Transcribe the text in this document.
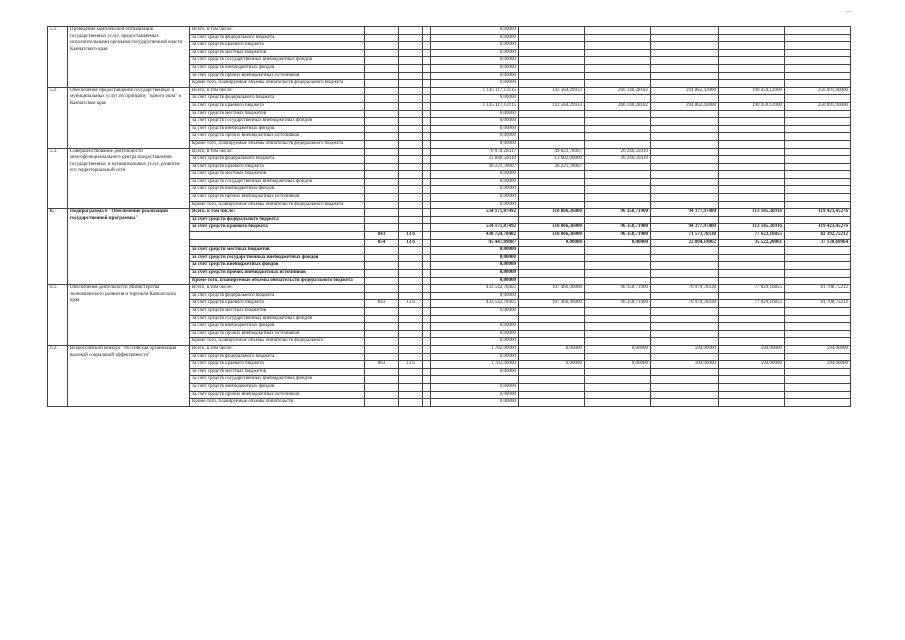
—
5.1.	Проведение комплексной оптимизации государственных услуг, предоставляемых исполнительными органами государственной власти Камчатского края	Всего, в том числе:				0,00000					
		за счет средств федерального бюджета				0,00000					
		за счет средств краевого бюджета				0,00000					
		за счет средств местных бюджетов				0,00000					
		за счет средств государственных внебюджетных фондов				0,00000					
		за счет средств внебюджетных фондов				0,00000					
		за счет средств прочих внебюджетных источников				0,00000					
		Кроме того, планируемые объемы обязательств федерального бюджета				0,00000					
5.2.	Обеспечение предоставления государственных и муниципальных услуг по принципу "одного окна" в Камчатском крае	Всего, в том числе:				1 145 117,13115	143 564,29933	266 140,28182	294 862,43000	190 459,12000	250 091,00000
		за счет средств федерального бюджета				0,00000					
		за счет средств краевого бюджета				1 145 117,13115	143 564,29933	266 140,28182	294 862,43000	190 459,12000	250 091,00000
		за счет средств местных бюджетов				0,00000					
		за счет средств государственных внебюджетных фондов				0,00000					
		за счет средств внебюджетных фондов				0,00000					
		за счет средств прочих внебюджетных источников				0,00000					
		Кроме того, планируемые объемы обязательств федерального бюджета				0,00000					
5.3.	Совершенствование деятельности многофункционального центра предоставления государственных и муниципальных услуг, развитие его территориальной сети	Всего, в том числе:				70 070,28417	49 823,78007	20 246,50410			
		за счет средств федерального бюджета				33 848,50410	13 602,00000	20 246,50410			
		за счет средств краевого бюджета				36 221,78007	36 221,78007				
		за счет средств местных бюджетов				0,00000					
		за счет средств государственных внебюджетных фондов				0,00000					
		за счет средств внебюджетных фондов				0,00000					
		за счет средств прочих внебюджетных источников				0,00000					
		Кроме того, планируемые объемы обязательств федерального бюджета				0,00000					
6.	Подпрограмма 6 "Обеспечение реализации государственной программы"	Всего, в том числе:				534 171,87492	110 866,36000	96 358,71900	94 377,97400	113 145,36916	119 423,45276
		за счет средств федерального бюджета									
		за счет средств краевого бюджета				534 171,87492	110 866,36000	96 358,71900	94 377,97400	113 145,36916	119 423,45276
			843	13 6		438 724,78402	110 866,36000	96 358,71900	71 573,78338	77 623,16855	82 392,75212
			854	13 6		95 447,09087	0,00000	0,00000	22 804,19062	35 522,20061	37 130,69964
		за счет средств местных бюджетов				0,00000					
		за счет средств государственных внебюджетных фондов				0,00000					
		за счет средств внебюджетных фондов				0,00000					
		за счет средств прочих внебюджетных источников				0,00000					
		Кроме того, планируемые объемы обязательств федерального бюджета				0,00000					
6.1.	Обеспечение деятельности Министерства экономического развития и торговли Камчатского края	Всего, в том числе:				433 542,78405	107 466,36000	96 358,71900	70 979,78338	77 029,16855	81 708,75212
		за счет средств федерального бюджета				0,00000					
		за счет средств краевого бюджета	843	13 6		433 542,78405	107 466,36000	96 358,71900	70 979,78338	77 029,16855	81 708,75212
		за счет средств местных бюджетов				0,00000					
		за счет средств государственных внебюджетных фондов									
		за счет средств внебюджетных фондов				0,00000					
		за счет средств прочих внебюджетных источников				0,00000					
		Кроме того, планируемые объемы обязательств федерального				0,00000					
6.2.	Всероссийский конкурс "Российская организация высокой социальной эффективности"	Всего, в том числе:				1 782,00000	0,00000	0,00000	594,00000	594,00000	594,00000
		за счет средств федерального бюджета				0,00000					
		за счет средств краевого бюджета	863	13 6		1 782,00000	0,00000	0,00000	594,00000	594,00000	594,00000
		за счет средств местных бюджетов				0,00000					
		за счет средств государственных внебюджетных фондов									
		за счет средств внебюджетных фондов				0,00000					
		за счет средств прочих внебюджетных источников				0,00000					
		Кроме того, планируемые объемы обязательств				0,00000					
